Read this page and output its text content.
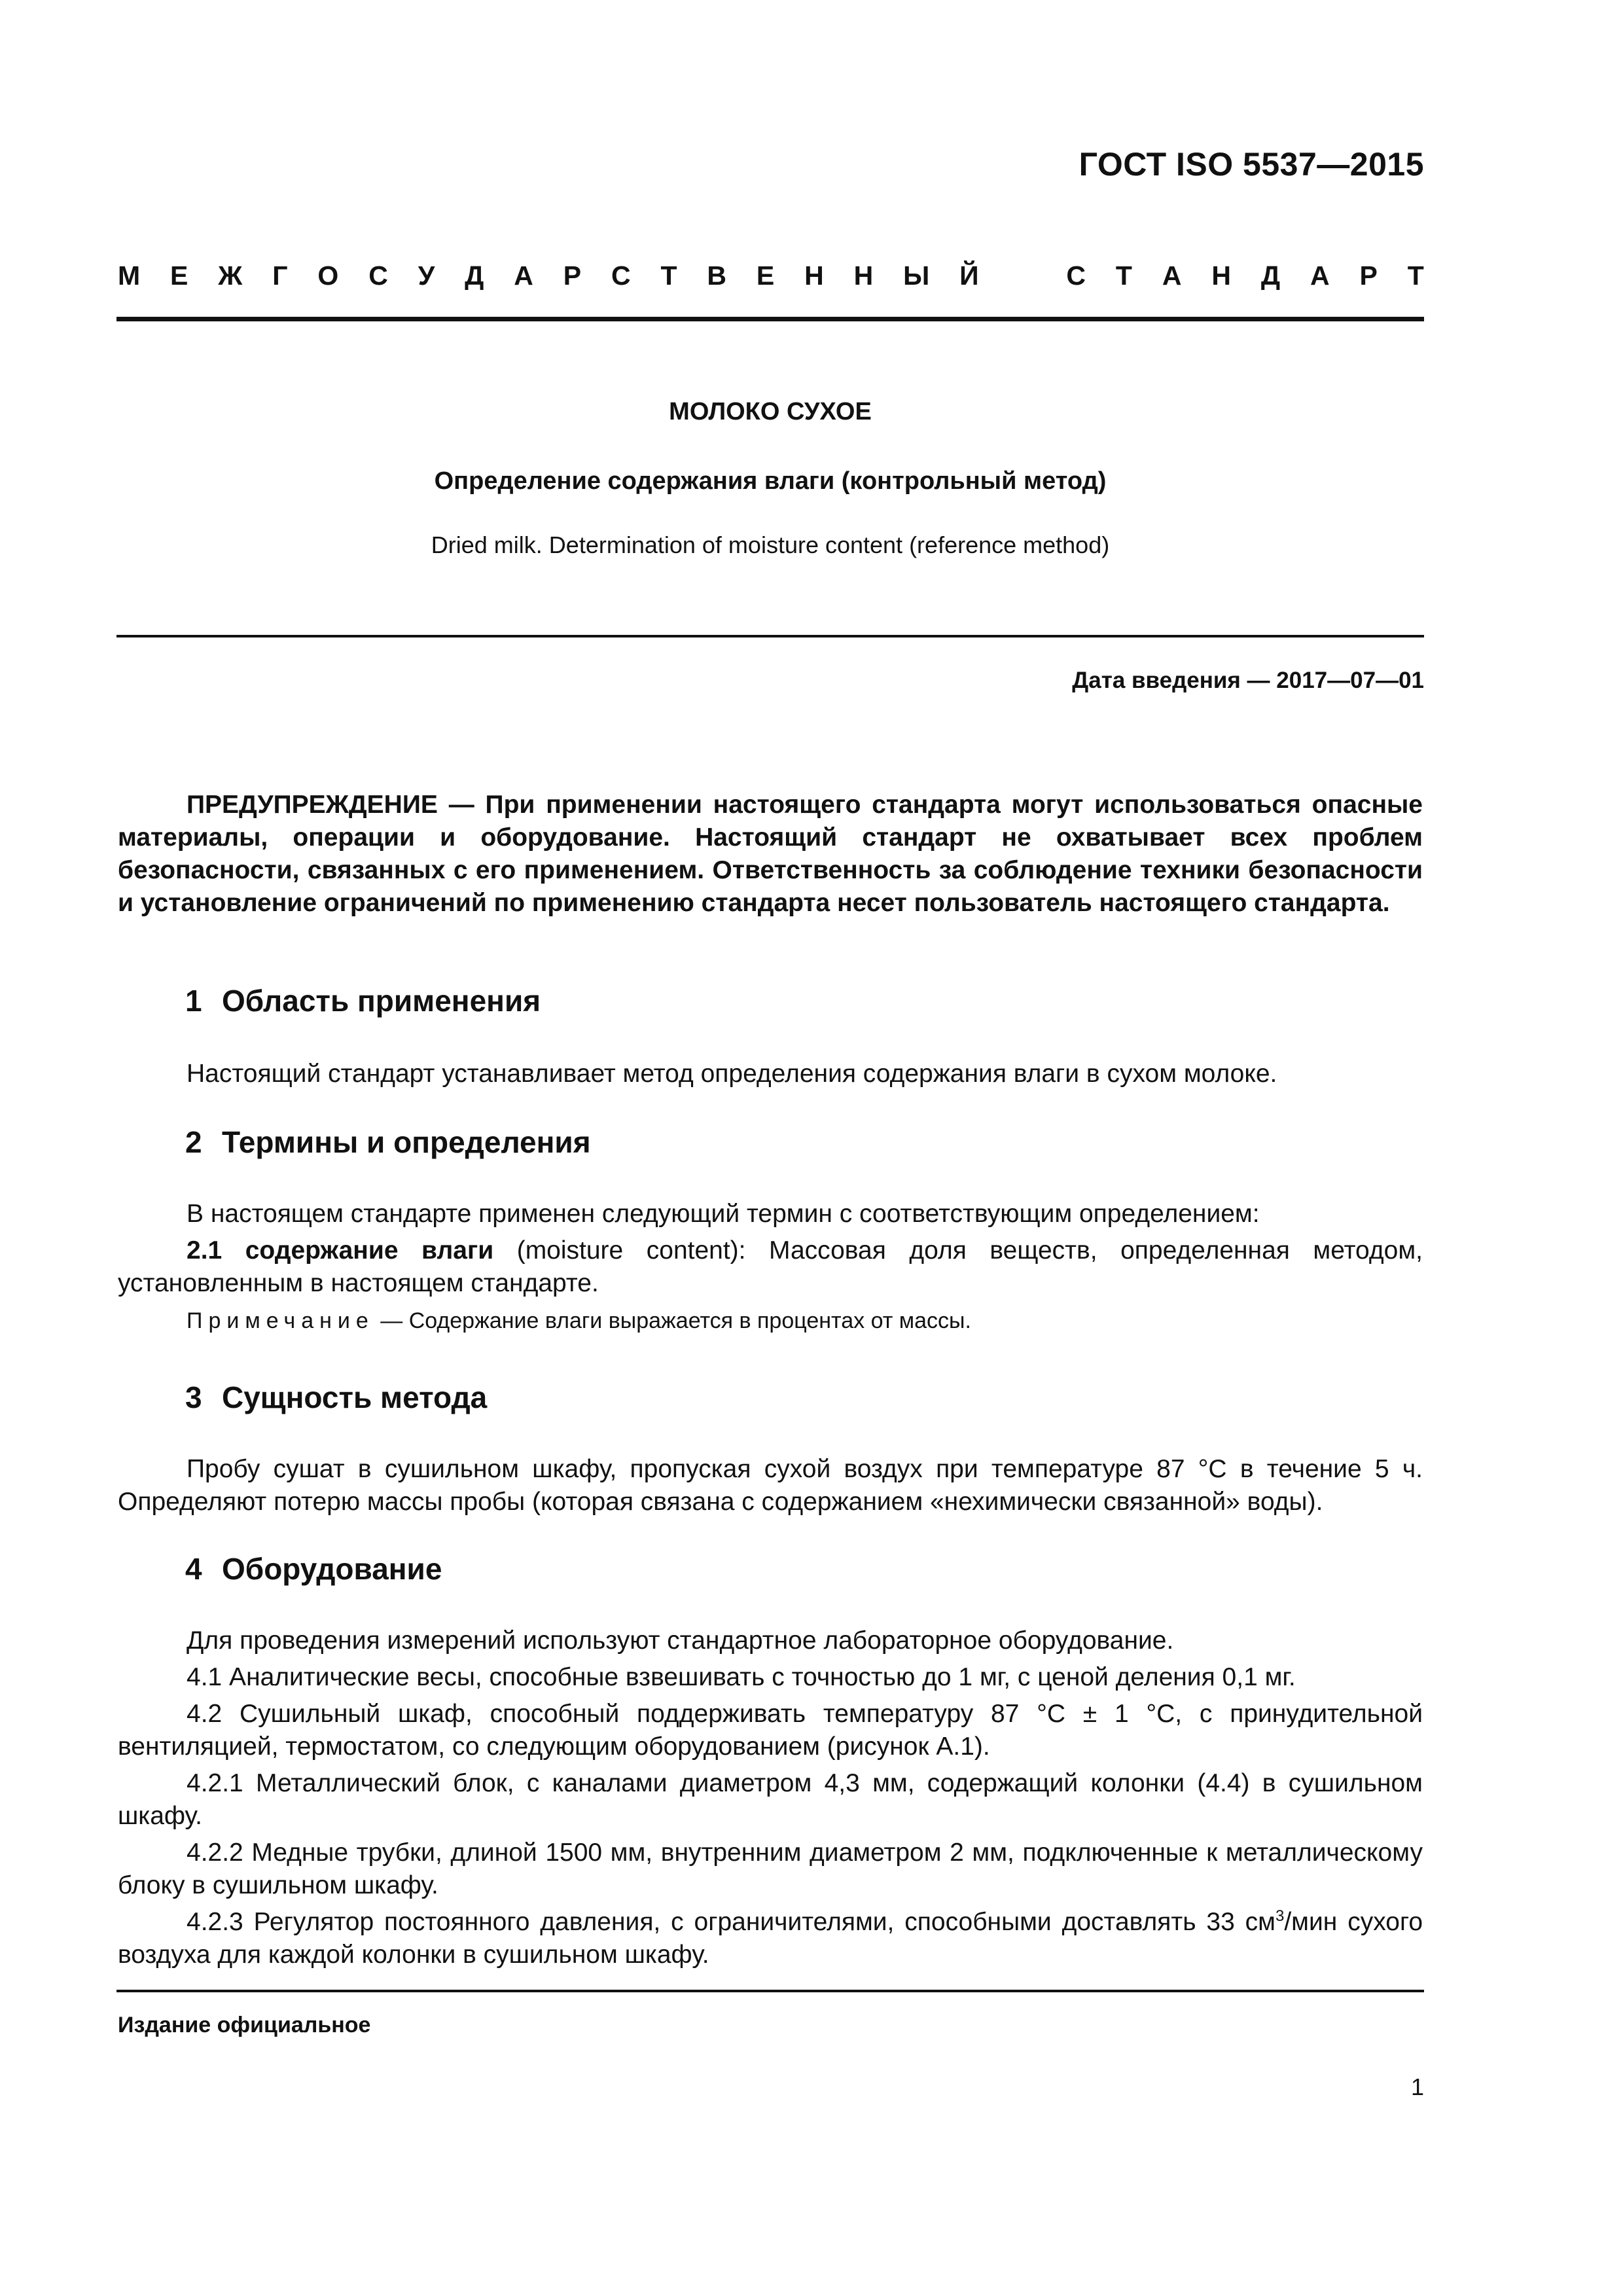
ГОСТ ISO 5537—2015
М Е Ж Г О С У Д А Р С Т В Е Н Н Ы Й	С Т А Н Д А Р Т
МОЛОКО СУХОЕ
Определение содержания влаги (контрольный метод)
Dried milk. Determination of moisture content (reference method)
Дата введения — 2017—07—01
ПРЕДУПРЕЖДЕНИЕ — При применении настоящего стандарта могут использоваться опасные материалы, операции и оборудование. Настоящий стандарт не охватывает всех проблем безопасности, связанных с его применением. Ответственность за соблюдение техники безопасности и установление ограничений по применению стандарта несет пользователь настоящего стандарта.
1 Область применения
Настоящий стандарт устанавливает метод определения содержания влаги в сухом молоке.
2 Термины и определения

В настоящем стандарте применен следующий термин с соответствующим определением:

2.1 содержание влаги (moisture content): Массовая доля веществ, определенная методом, установленным в настоящем стандарте.

Примечание — Содержание влаги выражается в процентах от массы.

3 Сущность метода
Пробу сушат в сушильном шкафу, пропуская сухой воздух при температуре 87 °С в течение 5 ч. Определяют потерю массы пробы (которая связана с содержанием «нехимически связанной» воды).
4 Оборудование

Для проведения измерений используют стандартное лабораторное оборудование.

4.1 Аналитические весы, способные взвешивать с точностью до 1 мг, с ценой деления 0,1 мг.

4.2 Сушильный шкаф, способный поддерживать температуру 87 °С ± 1 °С, с принудительной вентиляцией, термостатом, со следующим оборудованием (рисунок А.1).

4.2.1 Металлический блок, с каналами диаметром 4,3 мм, содержащий колонки (4.4) в сушильном шкафу.

4.2.2 Медные трубки, длиной 1500 мм, внутренним диаметром 2 мм, подключенные к металлическому блоку в сушильном шкафу.

4.2.3 Регулятор постоянного давления, с ограничителями, способными доставлять 33 $см^3$/мин сухого воздуха для каждой колонки в сушильном шкафу.

Издание официальное
1
